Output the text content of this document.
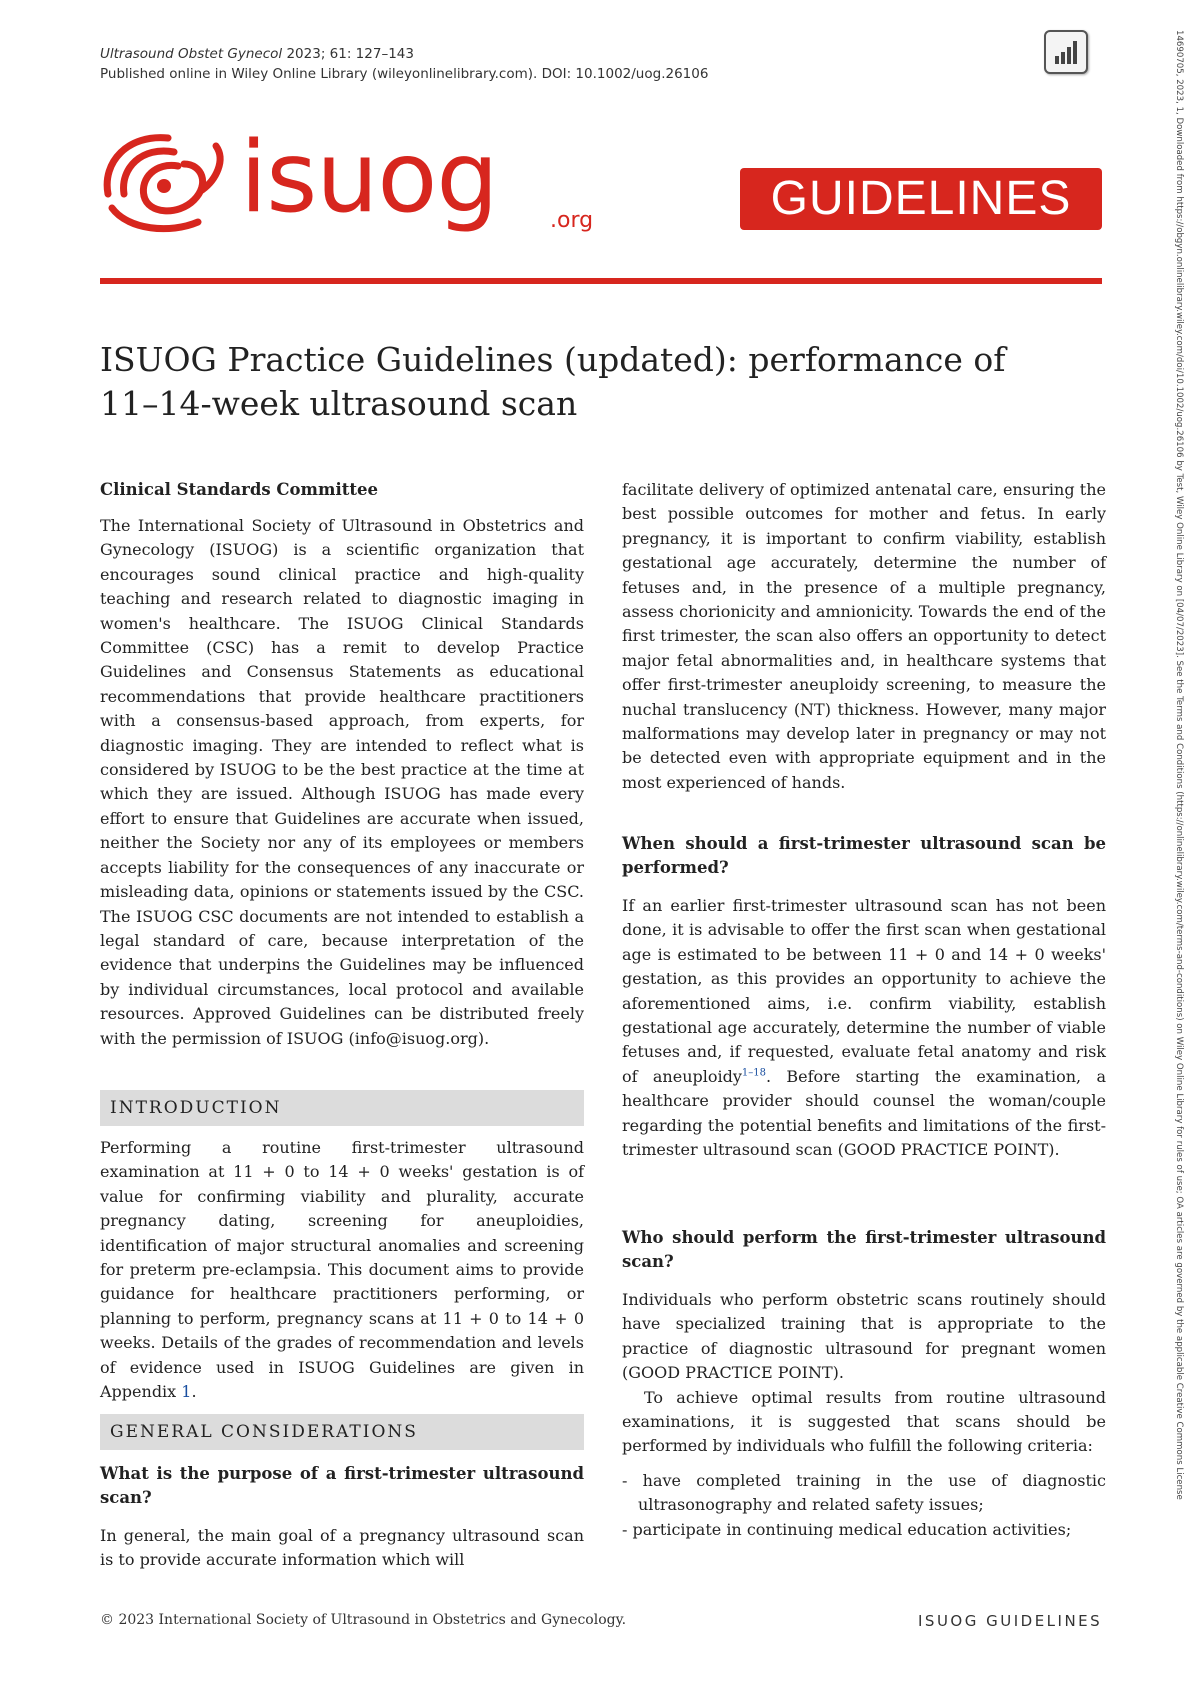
Ultrasound Obstet Gynecol 2023; 61: 127–143
Published online in Wiley Online Library (wileyonlinelibrary.com). DOI: 10.1002/uog.26106	14690705, 2023, 1, Downloaded from https://obgyn.onlinelibrary.wiley.com/doi/10.1002/uog.26106 by Test, Wiley Online Library on [04/07/2023]. See the Terms and Conditions (https://onlinelibrary.wiley.com/terms-and-conditions) on Wiley Online Library for rules of use; OA articles are governed by the applicable Creative Commons License
isuog .org	GUIDELINES
ISUOG Practice Guidelines (updated): performance of
11–14-week ultrasound scan
Clinical Standards Committee
The International Society of Ultrasound in Obstetrics and Gynecology (ISUOG) is a scientific organization that encourages sound clinical practice and high-quality teaching and research related to diagnostic imaging in women's healthcare. The ISUOG Clinical Standards Committee (CSC) has a remit to develop Practice Guidelines and Consensus Statements as educational recommendations that provide healthcare practitioners with a consensus-based approach, from experts, for diagnostic imaging. They are intended to reflect what is considered by ISUOG to be the best practice at the time at which they are issued. Although ISUOG has made every effort to ensure that Guidelines are accurate when issued, neither the Society nor any of its employees or members accepts liability for the consequences of any inaccurate or misleading data, opinions or statements issued by the CSC. The ISUOG CSC documents are not intended to establish a legal standard of care, because interpretation of the evidence that underpins the Guidelines may be influenced by individual circumstances, local protocol and available resources. Approved Guidelines can be distributed freely with the permission of ISUOG (info@isuog.org).
INTRODUCTION
Performing a routine first-trimester ultrasound examination at 11 + 0 to 14 + 0 weeks' gestation is of value for confirming viability and plurality, accurate pregnancy dating, screening for aneuploidies, identification of major structural anomalies and screening for preterm pre-eclampsia. This document aims to provide guidance for healthcare practitioners performing, or planning to perform, pregnancy scans at 11 + 0 to 14 + 0 weeks. Details of the grades of recommendation and levels of evidence used in ISUOG Guidelines are given in Appendix 1.
GENERAL CONSIDERATIONS
What is the purpose of a first-trimester ultrasound scan?
In general, the main goal of a pregnancy ultrasound scan is to provide accurate information which will
facilitate delivery of optimized antenatal care, ensuring the best possible outcomes for mother and fetus. In early pregnancy, it is important to confirm viability, establish gestational age accurately, determine the number of fetuses and, in the presence of a multiple pregnancy, assess chorionicity and amnionicity. Towards the end of the first trimester, the scan also offers an opportunity to detect major fetal abnormalities and, in healthcare systems that offer first-trimester aneuploidy screening, to measure the nuchal translucency (NT) thickness. However, many major malformations may develop later in pregnancy or may not be detected even with appropriate equipment and in the most experienced of hands.
When should a first-trimester ultrasound scan be performed?
If an earlier first-trimester ultrasound scan has not been done, it is advisable to offer the first scan when gestational age is estimated to be between 11 + 0 and 14 + 0 weeks' gestation, as this provides an opportunity to achieve the aforementioned aims, i.e. confirm viability, establish gestational age accurately, determine the number of viable fetuses and, if requested, evaluate fetal anatomy and risk of aneuploidy$^{1-18}$. Before starting the examination, a healthcare provider should counsel the woman/couple regarding the potential benefits and limitations of the first-trimester ultrasound scan (GOOD PRACTICE POINT).
Who should perform the first-trimester ultrasound scan?
Individuals who perform obstetric scans routinely should have specialized training that is appropriate to the practice of diagnostic ultrasound for pregnant women (GOOD PRACTICE POINT).
To achieve optimal results from routine ultrasound examinations, it is suggested that scans should be performed by individuals who fulfill the following criteria:
- have completed training in the use of diagnostic ultrasonography and related safety issues;
- participate in continuing medical education activities;
© 2023 International Society of Ultrasound in Obstetrics and Gynecology.	ISUOG GUIDELINES
